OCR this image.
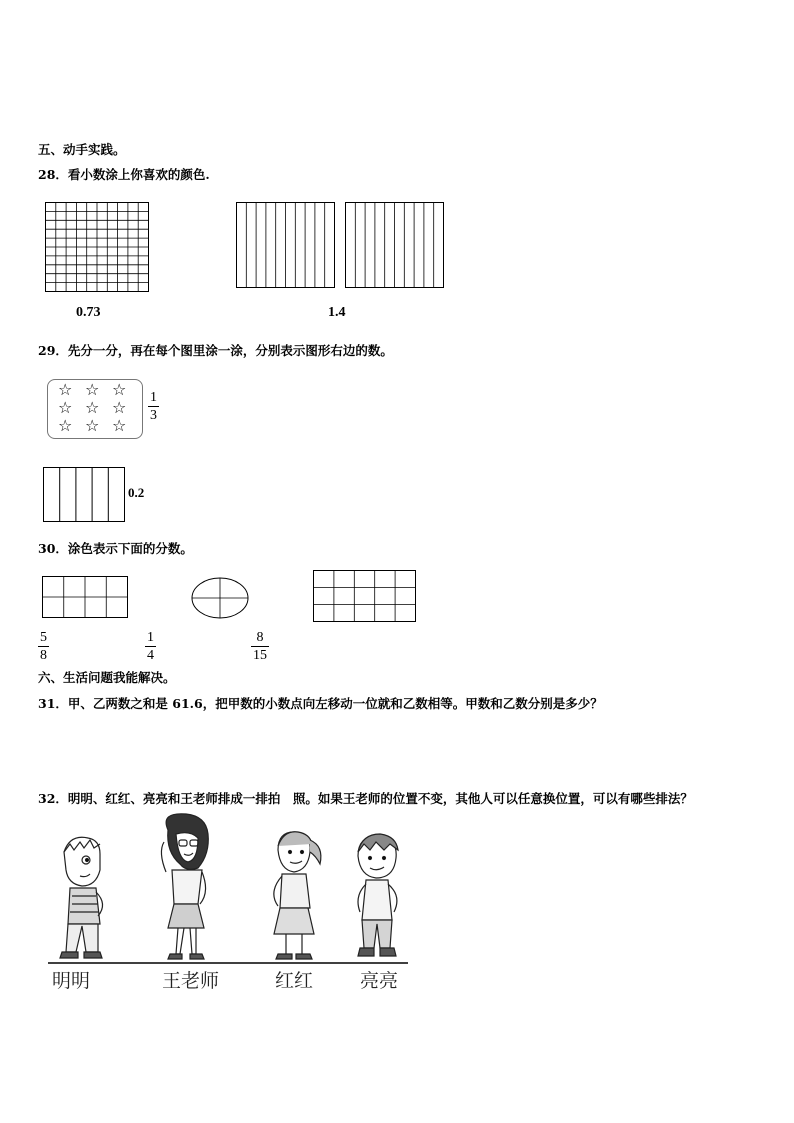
五、动手实践。
28．看小数涂上你喜欢的颜色.
0.73	1.4
29．先分一分，再在每个图里涂一涂，分别表示图形右边的数。
☆ ☆ ☆
☆ ☆ ☆
☆ ☆ ☆
1
3
0.2
30．涂色表示下面的分数。
5
8
1
4
8
15
六、生活问题我能解决。
31．甲、乙两数之和是 61.6，把甲数的小数点向左移动一位就和乙数相等。甲数和乙数分别是多少？
32．明明、红红、亮亮和王老师排成一排拍　照。如果王老师的位置不变，其他人可以任意换位置，可以有哪些排法？
明明	王老师	红红 亮亮
